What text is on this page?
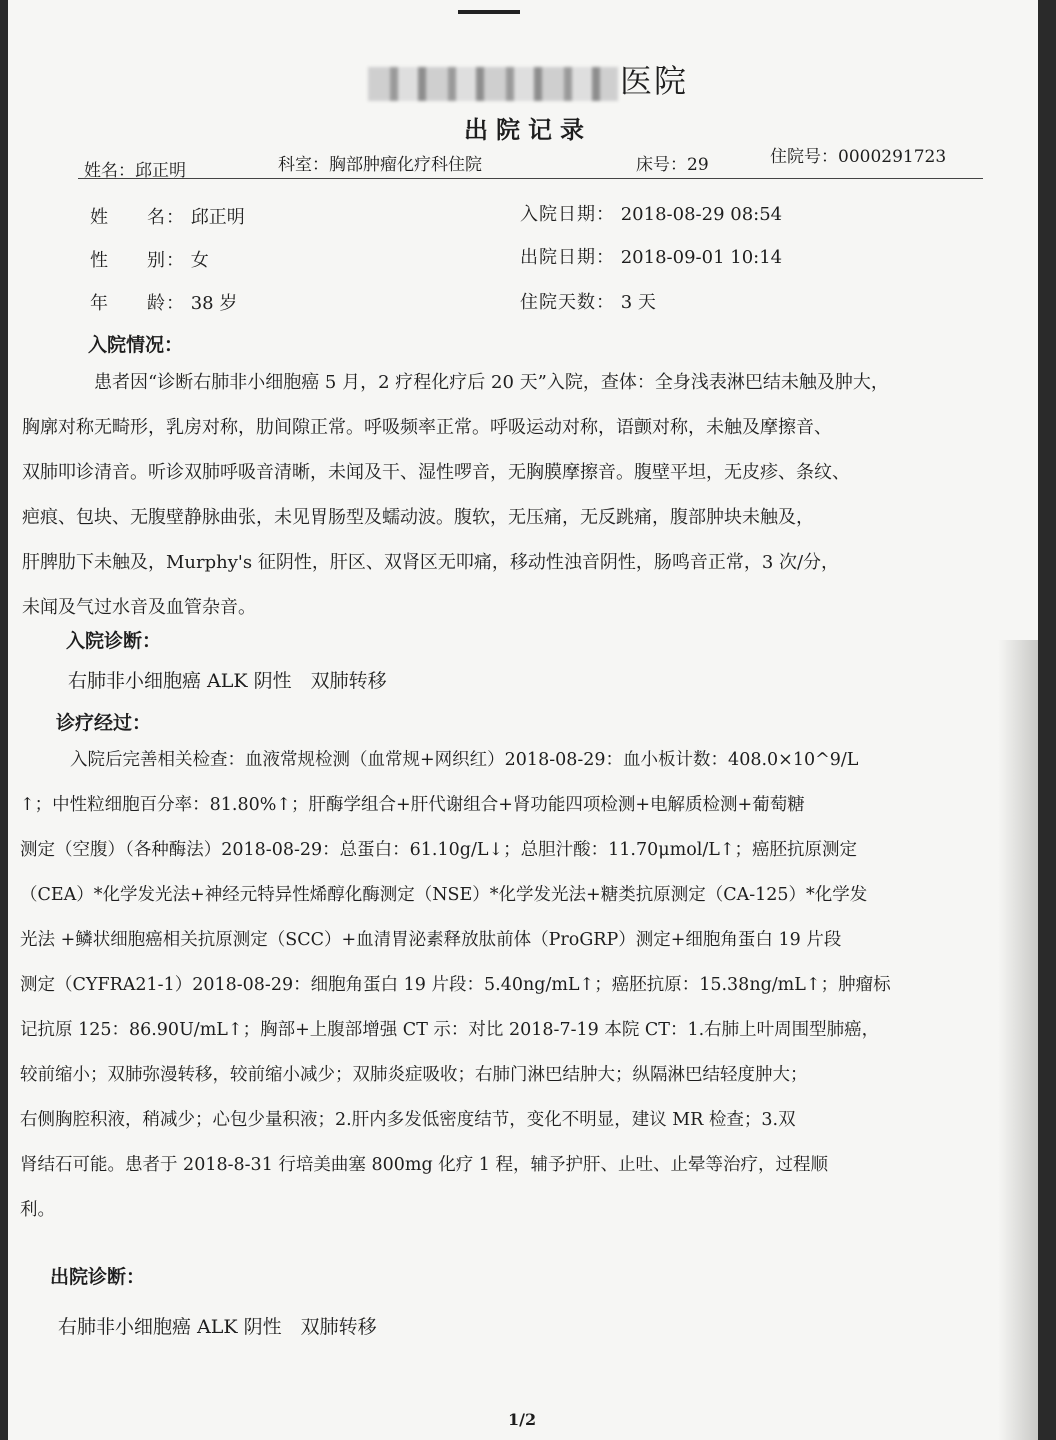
医院
出院记录
姓名：邱正明	科室：胸部肿瘤化疗科住院	床号：29	住院号：0000291723
姓　　名： 邱正明
性　　别： 女
年　　龄： 38 岁
入院日期： 2018-08-29 08:54
出院日期： 2018-09-01 10:14
住院天数： 3 天
入院情况：
患者因“诊断右肺非小细胞癌 5 月，2 疗程化疗后 20 天”入院，查体：全身浅表淋巴结未触及肿大，
胸廓对称无畸形，乳房对称，肋间隙正常。呼吸频率正常。呼吸运动对称，语颤对称，未触及摩擦音、
双肺叩诊清音。听诊双肺呼吸音清晰，未闻及干、湿性啰音，无胸膜摩擦音。腹壁平坦，无皮疹、条纹、
疤痕、包块、无腹壁静脉曲张，未见胃肠型及蠕动波。腹软，无压痛，无反跳痛，腹部肿块未触及，
肝脾肋下未触及，Murphy's 征阴性，肝区、双肾区无叩痛，移动性浊音阴性，肠鸣音正常，3 次/分，
未闻及气过水音及血管杂音。
入院诊断：
右肺非小细胞癌 ALK 阴性　双肺转移
诊疗经过：
入院后完善相关检查：血液常规检测（血常规+网织红）2018-08-29：血小板计数：408.0×10^9/L
↑；中性粒细胞百分率：81.80%↑；肝酶学组合+肝代谢组合+肾功能四项检测+电解质检测+葡萄糖
测定（空腹）（各种酶法）2018-08-29：总蛋白：61.10g/L↓；总胆汁酸：11.70μmol/L↑；癌胚抗原测定
（CEA）*化学发光法+神经元特异性烯醇化酶测定（NSE）*化学发光法+糖类抗原测定（CA-125）*化学发
光法 +鳞状细胞癌相关抗原测定（SCC）+血清胃泌素释放肽前体（ProGRP）测定+细胞角蛋白 19 片段
测定（CYFRA21-1）2018-08-29：细胞角蛋白 19 片段：5.40ng/mL↑；癌胚抗原：15.38ng/mL↑；肿瘤标
记抗原 125：86.90U/mL↑；胸部+上腹部增强 CT 示：对比 2018-7-19 本院 CT：1.右肺上叶周围型肺癌，
较前缩小；双肺弥漫转移，较前缩小减少；双肺炎症吸收；右肺门淋巴结肿大；纵隔淋巴结轻度肿大；
右侧胸腔积液，稍减少；心包少量积液；2.肝内多发低密度结节，变化不明显，建议 MR 检查；3.双
肾结石可能。患者于 2018-8-31 行培美曲塞 800mg 化疗 1 程，辅予护肝、止吐、止晕等治疗，过程顺
利。
出院诊断：
右肺非小细胞癌 ALK 阴性　双肺转移
1/2
